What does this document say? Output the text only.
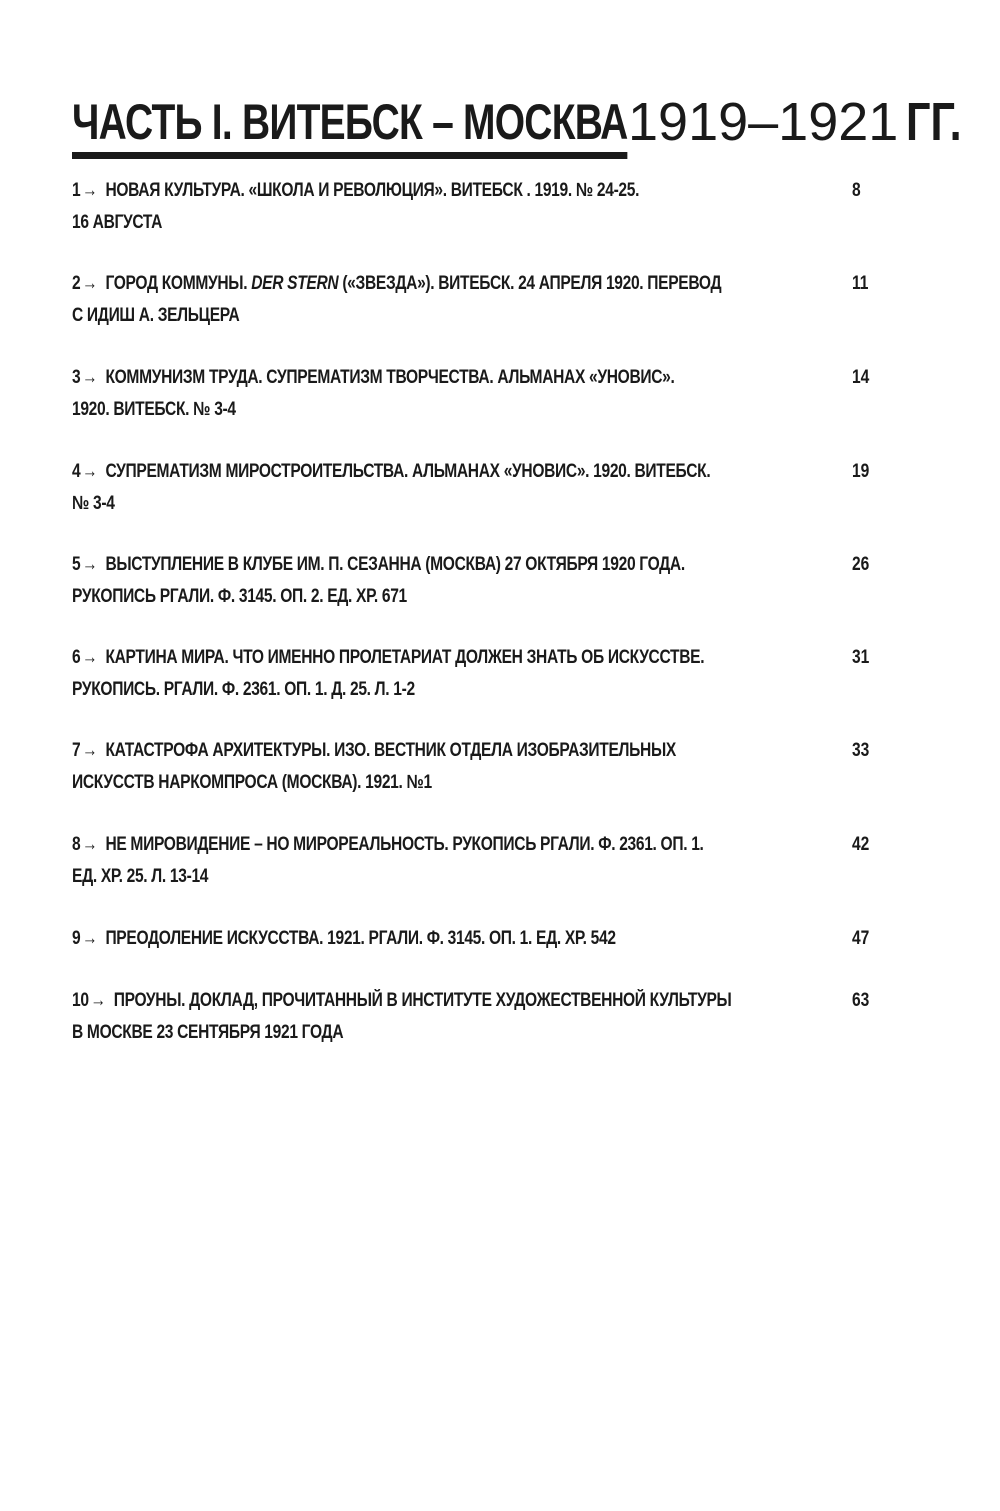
ЧАСТЬ I. ВИТЕБСК – МОСКВА 1919–1921 ГГ.
1→ НОВАЯ КУЛЬТУРА. «ШКОЛА И РЕВОЛЮЦИЯ». ВИТЕБСК . 1919. № 24-25.
16 АВГУСТА
8
2→ ГОРОД КОММУНЫ. DER STERN («ЗВЕЗДА»). ВИТЕБСК. 24 АПРЕЛЯ 1920. ПЕРЕВОД
С ИДИШ А. ЗЕЛЬЦЕРА
11
3→ КОММУНИЗМ ТРУДА. СУПРЕМАТИЗМ ТВОРЧЕСТВА. АЛЬМАНАХ «УНОВИС».
1920. ВИТЕБСК. № 3-4
14
4→ СУПРЕМАТИЗМ МИРОСТРОИТЕЛЬСТВА. АЛЬМАНАХ «УНОВИС». 1920. ВИТЕБСК.
№ 3-4
19
5→ ВЫСТУПЛЕНИЕ В КЛУБЕ ИМ. П. СЕЗАННА (МОСКВА) 27 ОКТЯБРЯ 1920 ГОДА.
РУКОПИСЬ РГАЛИ. Ф. 3145. ОП. 2. ЕД. ХР. 671
26
6→ КАРТИНА МИРА. ЧТО ИМЕННО ПРОЛЕТАРИАТ ДОЛЖЕН ЗНАТЬ ОБ ИСКУССТВЕ.
РУКОПИСЬ. РГАЛИ. Ф. 2361. ОП. 1. Д. 25. Л. 1-2
31
7→ КАТАСТРОФА АРХИТЕКТУРЫ. ИЗО. ВЕСТНИК ОТДЕЛА ИЗОБРАЗИТЕЛЬНЫХ
ИСКУССТВ НАРКОМПРОСА (МОСКВА). 1921. №1
33
8→ НЕ МИРОВИДЕНИЕ – НО МИРОРЕАЛЬНОСТЬ. РУКОПИСЬ РГАЛИ. Ф. 2361. ОП. 1.
ЕД. ХР. 25. Л. 13-14
42
9→ ПРЕОДОЛЕНИЕ ИСКУССТВА. 1921. РГАЛИ. Ф. 3145. ОП. 1. ЕД. ХР. 542	47
10→ ПРОУНЫ. ДОКЛАД, ПРОЧИТАННЫЙ В ИНСТИТУТЕ ХУДОЖЕСТВЕННОЙ КУЛЬТУРЫ
В МОСКВЕ 23 СЕНТЯБРЯ 1921 ГОДА
63
